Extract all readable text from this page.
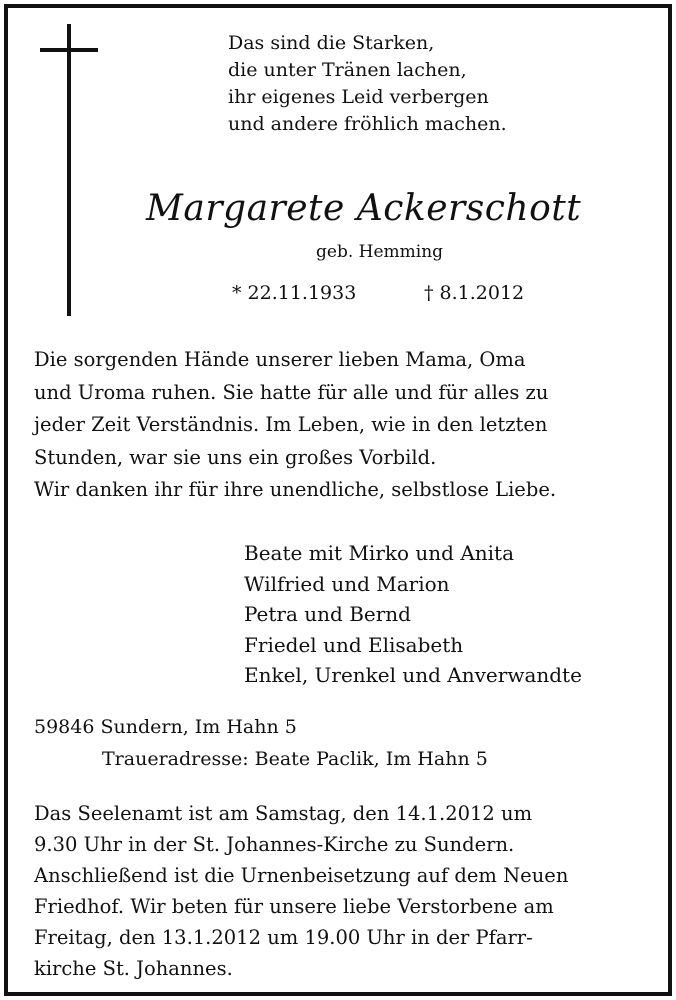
Das sind die Starken,
die unter Tränen lachen,
ihr eigenes Leid verbergen
und andere fröhlich machen.
Margarete Ackerschott
geb. Hemming
* 22.11.1933	† 8.1.2012
Die sorgenden Hände unserer lieben Mama, Oma
und Uroma ruhen. Sie hatte für alle und für alles zu
jeder Zeit Verständnis. Im Leben, wie in den letzten
Stunden, war sie uns ein großes Vorbild.
Wir danken ihr für ihre unendliche, selbstlose Liebe.
Beate mit Mirko und Anita
Wilfried und Marion
Petra und Bernd
Friedel und Elisabeth
Enkel, Urenkel und Anverwandte
59846 Sundern, Im Hahn 5
Traueradresse: Beate Paclik, Im Hahn 5
Das Seelenamt ist am Samstag, den 14.1.2012 um
9.30 Uhr in der St. Johannes-Kirche zu Sundern.
Anschließend ist die Urnenbeisetzung auf dem Neuen
Friedhof. Wir beten für unsere liebe Verstorbene am
Freitag, den 13.1.2012 um 19.00 Uhr in der Pfarr-
kirche St. Johannes.
